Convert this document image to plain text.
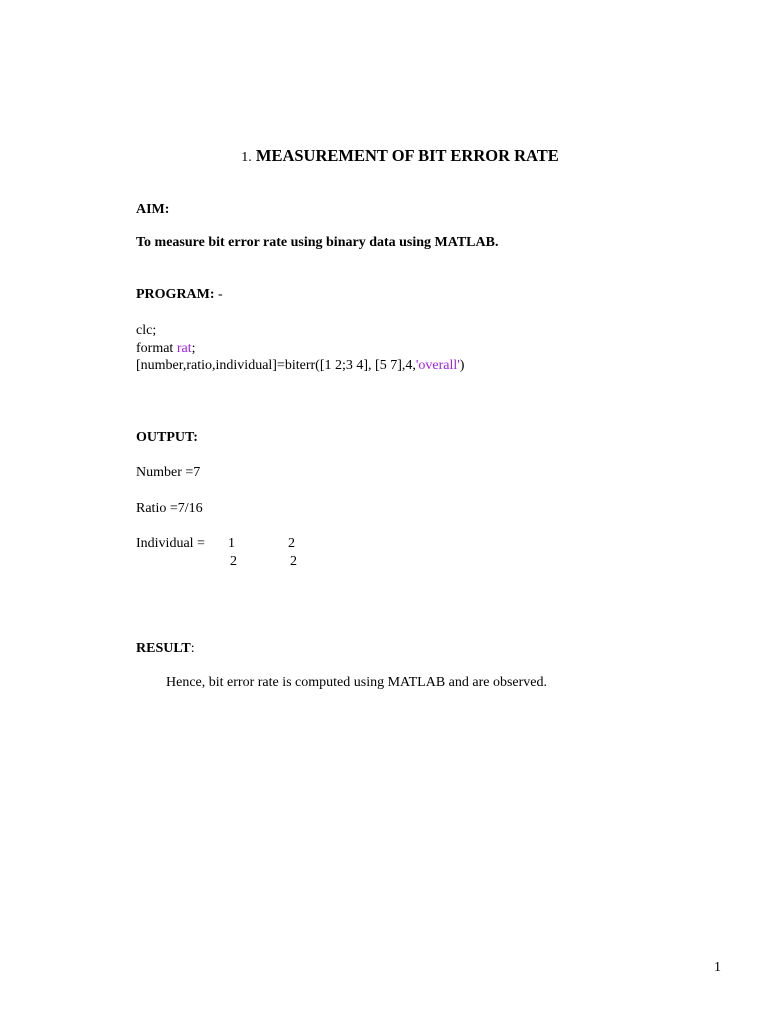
1. MEASUREMENT OF BIT ERROR RATE
AIM:
To measure bit error rate using binary data using MATLAB.
PROGRAM: -
clc;
format rat;
[number,ratio,individual]=biterr([1 2;3 4], [5 7],4,'overall')
OUTPUT:
Number =7
Ratio =7/16
Individual = 1	2
2	2
RESULT:
Hence, bit error rate is computed using MATLAB and are observed.
1
